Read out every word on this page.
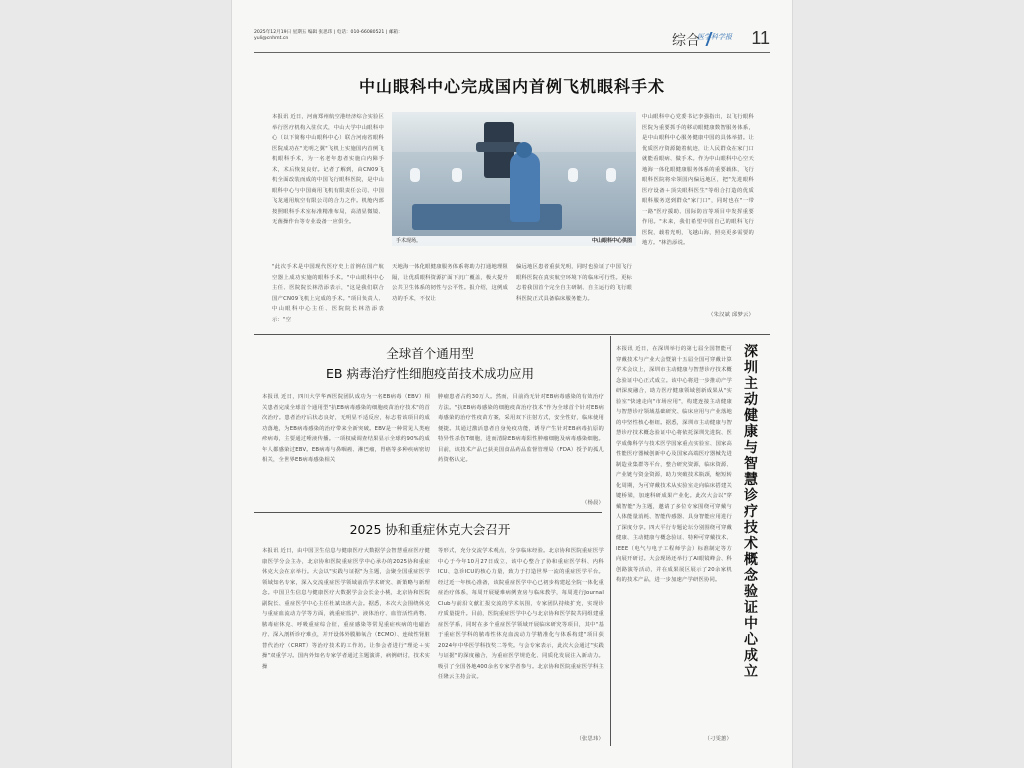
2025年12月19日 星期五 编辑 张思玮 | 电话：010-66080521 | 邮箱：yuli@cnhmt.cn	综合
医学科学报 11
中山眼科中心完成国内首例飞机眼科手术
本报讯 近日，河南郑州航空港经济综合实验区举行医疗机构入驻仪式，中山大学中山眼科中心（以下简称中山眼科中心）联合河南省眼科医院成功在"光明之翼"飞机上实施国内首例飞机眼科手术，为一名老年患者实施白内障手术，术后恢复良好。记者了解到，由CN09飞机全面改装而成的中国飞行眼科医院，是中山眼科中心与中国商用飞机有限责任公司、中国飞龙通用航空有限公司的合力之作。机舱内部按照眼科手术室标准精准布局，高清显微镜、无菌操作台等专业设备一应俱全。
"此次手术是中国现代医疗史上首例在国产航空器上成功实施的眼科手术。"中山眼科中心主任、医院院长林浩添表示，"这是我们联合国产CN09飞机上完成的手术。"项目负责人、中山眼科中心主任、医院院长林浩添表示："空
手术现场。	中山眼科中心供图
天地海一体化眼健康服务体系将助力打通地理阻隔，让优质眼科资源扩面下沉广覆盖，极大提升公共卫生体系的韧性与公平性。报介绍，这例成功的手术，不仅让
偏远地区患者重获光明，同时也验证了中国飞行眼科医院在真实航空环境下的临床可行性。更标志着我国首个完全自主研制、自主运行的飞行眼科医院正式具备临床服务能力。
中山眼科中心党委书记李强指出，以飞行眼科医院为重要抓手的移动眼健康数智服务体系，是中山眼科中心服务健康中国的具体举措。让优质医疗资源随着航迹，让人民群众在家门口就能看眼病、做手术。作为中山眼科中心空天地海一体化眼健康服务体系的重要载体，飞行眼科医院将牵领国内偏远地区，把"先进眼科医疗设备＋顶尖眼科医生"等组合打造的优质眼科服务送到群众"家门口"，同时也在"一带一路"医疗援助、国际防盲等项目中发挥重要作用。"未来，我们希望中国自己的眼科飞行医院，载着光明，飞越山海，照亮更多需要的地方。"林浩添说。
（朱汉斌 邱梦云）
全球首个通用型
EB 病毒治疗性细胞疫苗技术成功应用
本报讯 近日，四川大学华西医院团队成功为一名EB病毒（EBV）相关患者完成全球首个通用型"抗EB病毒感染的细胞疫苗治疗技术"的首次治疗。患者治疗后状态良好，无明显不适反应，标志着该项目的成功落地，为EB病毒感染的治疗带来全新突破。EBV是一种常见人类疱疹病毒，主要通过唾液传播。一项权威调查结果显示全球约90%的成年人都感染过EBV。EB病毒与鼻咽癌、淋巴瘤，胃癌等多种疾病密切相关，全世界EB病毒感染相关
肿瘤患者占约30万人。然而，目前尚无针对EB病毒感染的有效治疗方法。"抗EB病毒感染的细胞疫苗治疗技术"作为全球首个针对EB病毒感染的治疗性疫苗方案，采用双下注射方式，安全性好，临床使用便捷。其通过激活患者自身免疫功能，诱导产生针对EB病毒抗原的特异性杀伤T细胞，进而清除EB病毒阳性肿瘤细胞及病毒感染细胞。目前，该技术产品已获美国食品药品监督管理局（FDA）授予的孤儿药资格认定。
（杨晨）
2025 协和重症休克大会召开
本报讯 近日，由中国卫生信息与健康医疗大数据学会智慧重症医疗健康医学分会主办，北京协和医院重症医学中心承办的2025协和重症休克大会在京举行。大会以"实践与证据"为主题，会聚全国重症医学领域知名专家，深入交流重症医学领域前沿学术研究、新策略与新理念。中国卫生信息与健康医疗大数据学会会长金小桃，北京协和医院副院长、重症医学中心主任杜斌出席大会。据悉，本次大会围绕休克与重症血流动力学等方面，就重症监护、液体治疗、血管活性药物、脓毒症休克、呼吸重症综合征，重症感染等常见重症疾病的电磁治疗、深入剖析诊疗难点，并开设体外膜肺氧合（ECMO）、连续性肾脏替代治疗（CRRT）等治疗技术的工作坊。让参会者进行"理论＋实操"双重学习。国内外知名专家学者通过主题演讲，病例研讨，技术实操
等形式，充分交流学术观点，分享临床经验。北京协和医院重症医学中心于今年10月27日成立，该中心整合了协和重症医学科、内科ICU、急诊ICU的核心力量，致力于打造世界一流的重症医学平台。经过近一年核心准备，该院重症医学中心已初步构建起全院一体化重症治疗体系，每周开展疑难病例查房与临床教学，每周进行Journal Club与前沿文献汇报交流的学术氛围，专家团队持续扩充，实现诊疗质量提升。目前，医院重症医学中心与北京协和医学院共同组建重症医学系，同时在多个重症医学领域开展临床研究等项目，其中"基于重症医学科的脓毒性休克血流动力学精准化与体系构建"项目获2024年中华医学科技奖二等奖。与会专家表示，此次大会通过"实践与证据"的深度融合，为重症医学规范化、同质化发展注入新动力。吸引了全国各地400余名专家学者参与。北京协和医院重症医学科主任隆云主持会议。
（张思玮）
本报讯 近日，在深圳举行的第七届全国智能可穿戴技术与产业大会暨第十五届全国可穿戴计算学术会议上，深圳市主动健康与智慧诊疗技术概念验证中心正式成立。该中心将进一步推动产学研深度融合，助力医疗健康领域创新成果从"实验室"快速走向"市场应用"，构建连接主动健康与智慧诊疗领域基础研究、临床应用与产业落地的中坚性核心枢纽。据悉，深圳市主动健康与智慧诊疗技术概念验证中心将依托深圳先进院、医学成像科学与技术医学国家重点实验室、国家高性能医疗器械创新中心及国家高端医疗器械先进制造业集群等平台，整合研究资源，临床资源、产业链与资金资源，助力突破技术瓶颈，缩短转化周期，为可穿戴技术从实验室走向临床搭建关键桥梁，加速科研成果产业化。此次大会以"穿戴智能"为主题，邀请了多位专家围绕可穿戴与人体能量消耗、智能传感器、具身智能应用进行了深度分享。四大平行专题论坛分别围绕可穿戴健康、主动健康与概念验证、特种可穿戴技术、IEEE（电气与电子工程师学会）标准制定等方向展开研讨。大会现场还举行了AI眼镜峰会、科创路演等活动，并在成果展区展示了20余家机构的技术产品，进一步加速产学研医协同。
深圳主动健康与智慧诊疗技术概念验证中心成立
（刁雯蕙）
